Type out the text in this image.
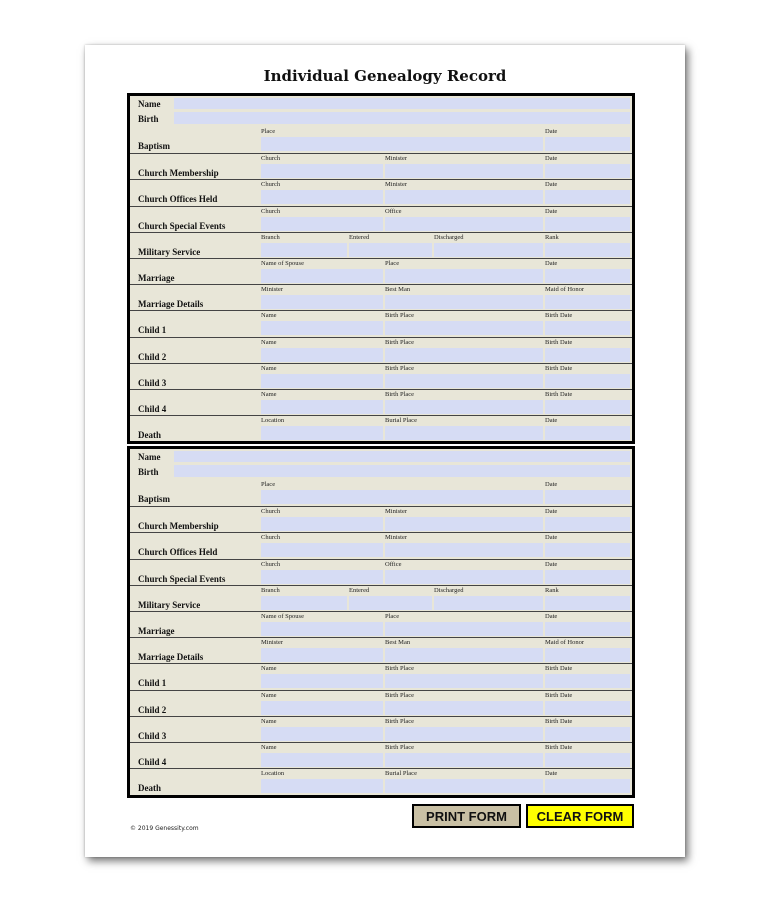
Individual Genealogy Record
Name
Birth
Baptism
Place	Date
Church Membership
Church	Minister	Date
Church Offices Held
Church	Minister	Date
Church Special Events
Church	Office	Date
Military Service
Branch	Entered	Discharged	Rank
Marriage
Name of Spouse	Place	Date
Marriage Details
Minister	Best Man	Maid of Honor
Child 1
Name	Birth Place	Birth Date
Child 2
Name	Birth Place	Birth Date
Child 3
Name	Birth Place	Birth Date
Child 4
Name	Birth Place	Birth Date
Death
Location	Burial Place	Date
Name
Birth
Baptism
Place	Date
Church Membership
Church	Minister	Date
Church Offices Held
Church	Minister	Date
Church Special Events
Church	Office	Date
Military Service
Branch	Entered	Discharged	Rank
Marriage
Name of Spouse	Place	Date
Marriage Details
Minister	Best Man	Maid of Honor
Child 1
Name	Birth Place	Birth Date
Child 2
Name	Birth Place	Birth Date
Child 3
Name	Birth Place	Birth Date
Child 4
Name	Birth Place	Birth Date
Death
Location	Burial Place	Date
PRINT FORM	CLEAR FORM
© 2019 Genessity.com
